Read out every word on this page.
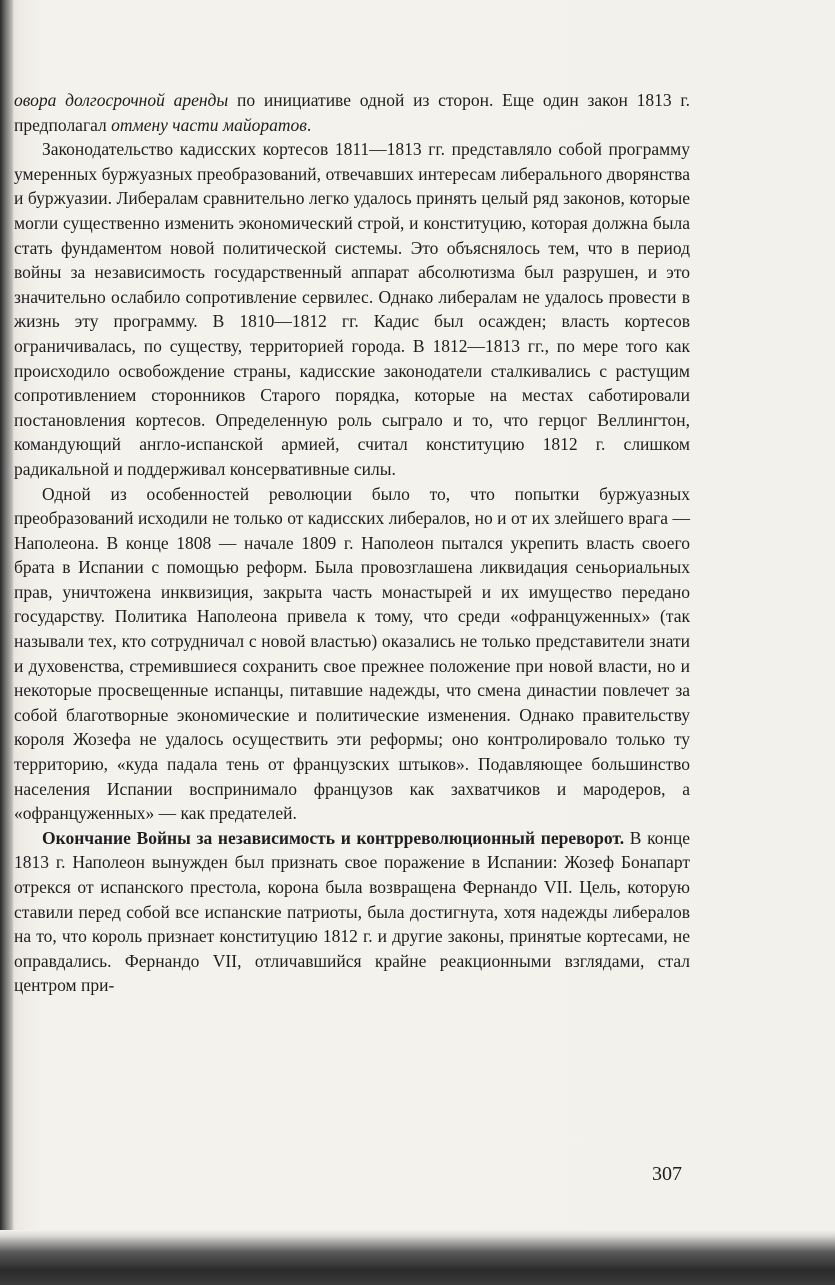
овора долгосрочной аренды по инициативе одной из сторон. Еще один закон 1813 г. предполагал отмену части майоратов.

Законодательство кадисских кортесов 1811—1813 гг. представляло собой программу умеренных буржуазных преобразований, отвечавших интересам либерального дворянства и буржуазии. Либералам сравнительно легко удалось принять целый ряд законов, которые могли существенно изменить экономический строй, и конституцию, которая должна была стать фундаментом новой политической системы. Это объяснялось тем, что в период войны за независимость государственный аппарат абсолютизма был разрушен, и это значительно ослабило сопротивление сервилес. Однако либералам не удалось провести в жизнь эту программу. В 1810—1812 гг. Кадис был осажден; власть кортесов ограничивалась, по существу, территорией города. В 1812—1813 гг., по мере того как происходило освобождение страны, кадисские законодатели сталкивались с растущим сопротивлением сторонников Старого порядка, которые на местах саботировали постановления кортесов. Определенную роль сыграло и то, что герцог Веллингтон, командующий англо-испанской армией, считал конституцию 1812 г. слишком радикальной и поддерживал консервативные силы.

Одной из особенностей революции было то, что попытки буржуазных преобразований исходили не только от кадисских либералов, но и от их злейшего врага — Наполеона. В конце 1808 — начале 1809 г. Наполеон пытался укрепить власть своего брата в Испании с помощью реформ. Была провозглашена ликвидация сеньориальных прав, уничтожена инквизиция, закрыта часть монастырей и их имущество передано государству. Политика Наполеона привела к тому, что среди «офранцуженных» (так называли тех, кто сотрудничал с новой властью) оказались не только представители знати и духовенства, стремившиеся сохранить свое прежнее положение при новой власти, но и некоторые просвещенные испанцы, питавшие надежды, что смена династии повлечет за собой благотворные экономические и политические изменения. Однако правительству короля Жозефа не удалось осуществить эти реформы; оно контролировало только ту территорию, «куда падала тень от французских штыков». Подавляющее большинство населения Испании воспринимало французов как захватчиков и мародеров, а «офранцуженных» — как предателей.

Окончание Войны за независимость и контрреволюционный переворот. В конце 1813 г. Наполеон вынужден был признать свое поражение в Испании: Жозеф Бонапарт отрекся от испанского престола, корона была возвращена Фернандо VII. Цель, которую ставили перед собой все испанские патриоты, была достигнута, хотя надежды либералов на то, что король признает конституцию 1812 г. и другие законы, принятые кортесами, не оправдались. Фернандо VII, отличавшийся крайне реакционными взглядами, стал центром при-

307
